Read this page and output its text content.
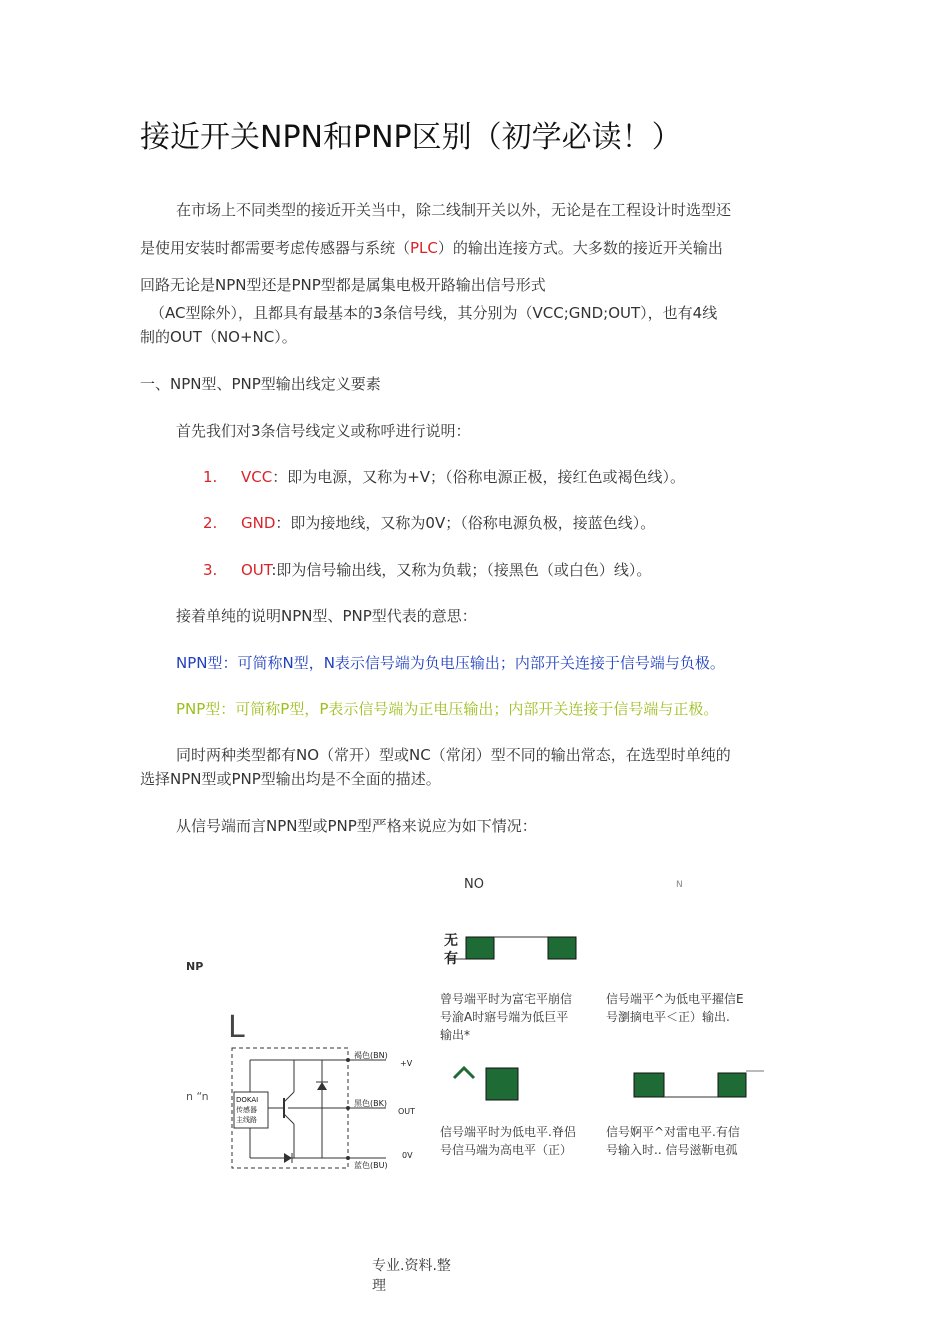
接近开关NPN和PNP区别（初学必读！）
在市场上不同类型的接近开关当中，除二线制开关以外，无论是在工程设计时选型还
是使用安装时都需要考虑传感器与系统（PLC）的输出连接方式。大多数的接近开关输出
回路无论是NPN型还是PNP型都是属集电极开路输出信号形式
（AC型除外），且都具有最基本的3条信号线，其分别为（VCC;GND;OUT），也有4线
制的OUT（NO+NC）。
一、NPN型、PNP型输出线定义要素
首先我们对3条信号线定义或称呼进行说明：
1. VCC：即为电源，又称为+V；（俗称电源正极，接红色或褐色线）。
2. GND：即为接地线，又称为0V；（俗称电源负极，接蓝色线）。
3. OUT:即为信号输出线，又称为负载；（接黑色（或白色）线）。
接着单纯的说明NPN型、PNP型代表的意思：
NPN型：可简称N型，N表示信号端为负电压输出；内部开关连接于信号端与负极。
PNP型：可简称P型，P表示信号端为正电压输出；内部开关连接于信号端与正极。
同时两种类型都有NO（常开）型或NC（常闭）型不同的输出常态，在选型时单纯的
选择NPN型或PNP型输出均是不全面的描述。
从信号端而言NPN型或PNP型严格来说应为如下情况：
NO	N
NP
L
n “n
无
有
曾号端平时为富宅平崩信
号渝A时寤号端为低巨平
输出*
信号端平^为低电平擢信E
号瀏摘电平＜正）输出.
信号端平时为低电平.脊侣
号信马端为高电平（正）
信号婀平^对雷电平.有信
号输入时.. 信号滋靳电孤
DOKAI
传感器
主线路
褐色(BN)
+V
黑色(BK)
OUT
蓝色(BU)
0V
专业.资料.整
理
